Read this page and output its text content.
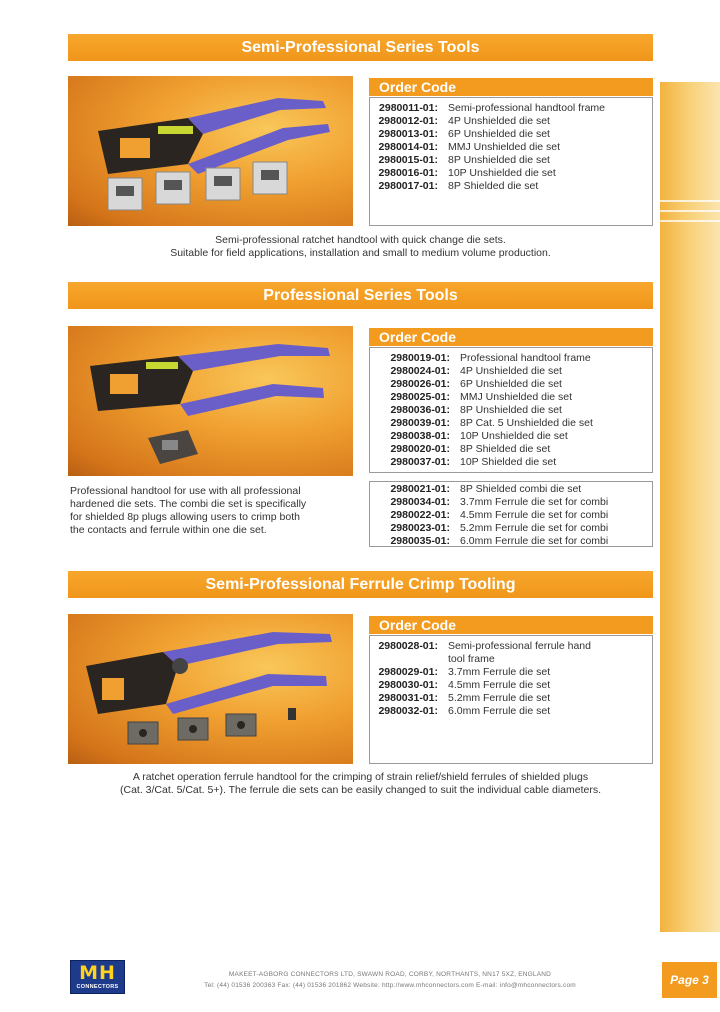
Semi-Professional Series Tools
Order Code
2980011-01: Semi-professional handtool frame
2980012-01: 4P Unshielded die set
2980013-01: 6P Unshielded die set
2980014-01: MMJ Unshielded die set
2980015-01: 8P Unshielded die set
2980016-01: 10P Unshielded die set
2980017-01: 8P Shielded die set
Semi-professional ratchet handtool with quick change die sets.
Suitable for field applications, installation and small to medium volume production.
Professional Series Tools
Order Code
2980019-01: Professional handtool frame
2980024-01: 4P Unshielded die set
2980026-01: 6P Unshielded die set
2980025-01: MMJ Unshielded die set
2980036-01: 8P Unshielded die set
2980039-01: 8P Cat. 5 Unshielded die set
2980038-01: 10P Unshielded die set
2980020-01: 8P Shielded die set
2980037-01: 10P Shielded die set
2980021-01: 8P Shielded combi die set
2980034-01: 3.7mm Ferrule die set for combi
2980022-01: 4.5mm Ferrule die set for combi
2980023-01: 5.2mm Ferrule die set for combi
2980035-01: 6.0mm Ferrule die set for combi
Professional handtool for use with all professional
hardened die sets. The combi die set is specifically
for shielded 8p plugs allowing users to crimp both
the contacts and ferrule within one die set.
Semi-Professional Ferrule Crimp Tooling
Order Code
2980028-01: Semi-professional ferrule hand
tool frame
2980029-01: 3.7mm Ferrule die set
2980030-01: 4.5mm Ferrule die set
2980031-01: 5.2mm Ferrule die set
2980032-01: 6.0mm Ferrule die set
A ratchet operation ferrule handtool for the crimping of strain relief/shield ferrules of shielded plugs
(Cat. 3/Cat. 5/Cat. 5+). The ferrule die sets can be easily changed to suit the individual cable diameters.
MH
CONNECTORS
MAKEET-AGBORG CONNECTORS LTD, SWAWN ROAD, CORBY, NORTHANTS, NN17 5XZ, ENGLAND
Tel: (44) 01536 200363 Fax: (44) 01536 201862 Website: http://www.mhconnectors.com E-mail: info@mhconnectors.com	Page 3
